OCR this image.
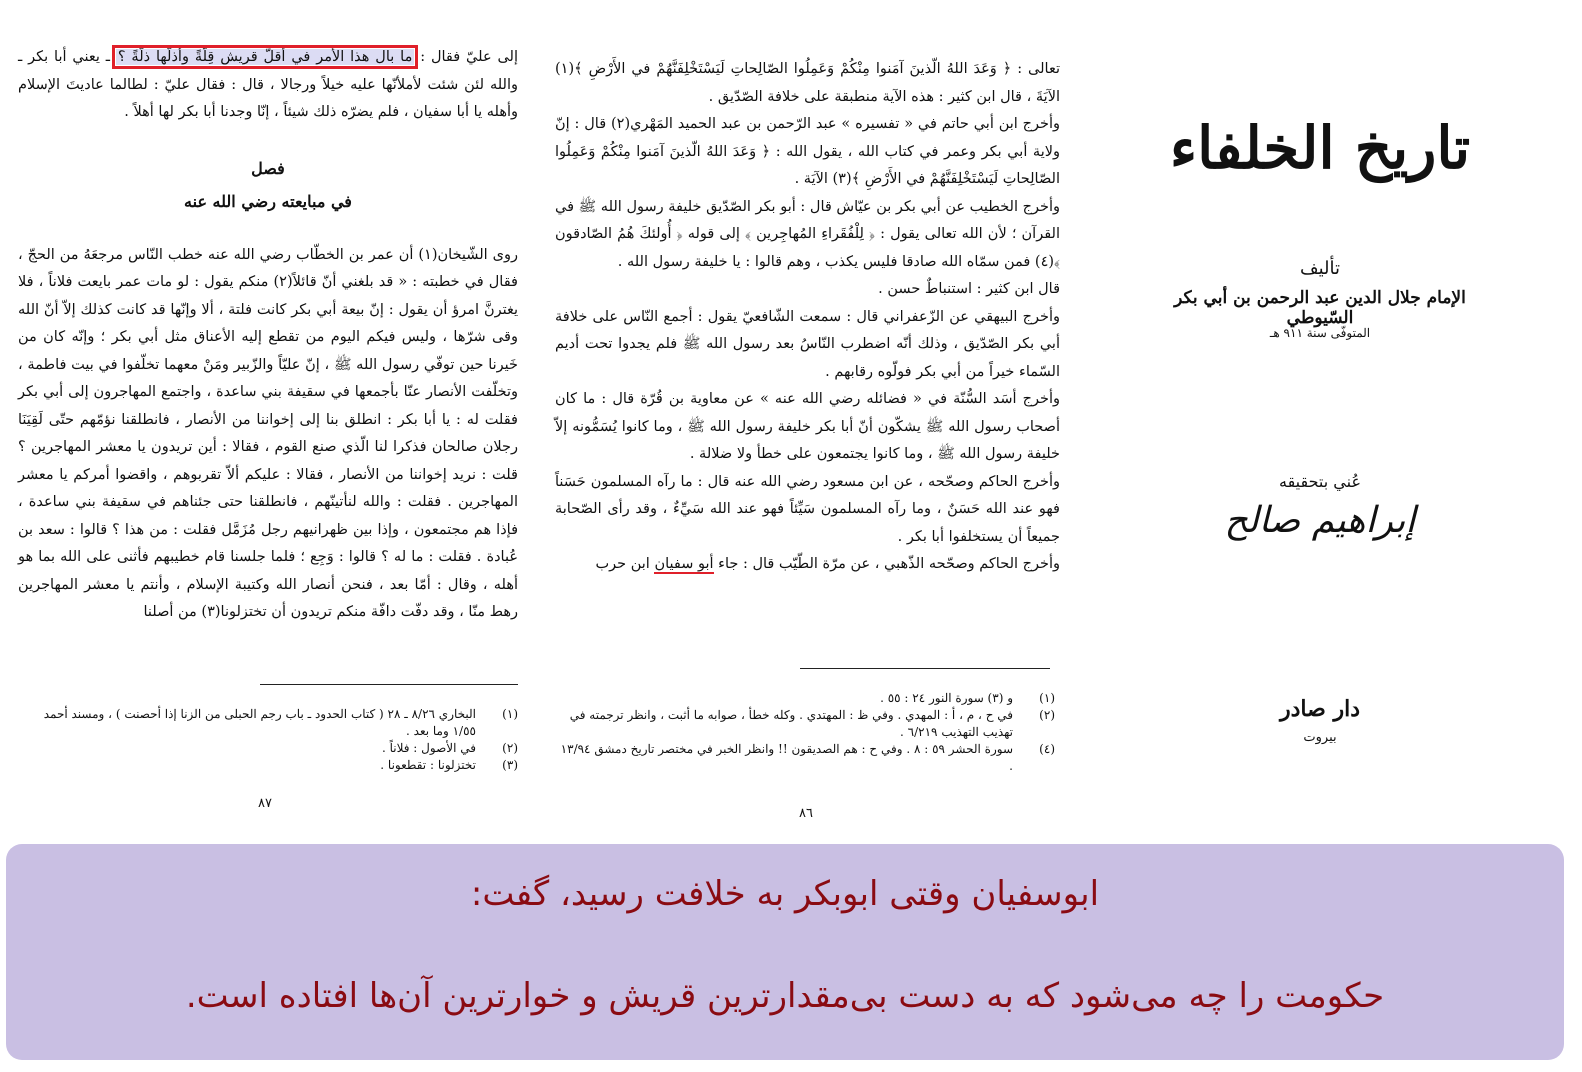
إلى عليّ فقال : ما بال هذا الأمر في أقلّ قريش قِلّةً وأذلّها ذلّةً ؟ ـ يعني أبا بكر ـ والله لئن شئت لأملأنّها عليه خيلاً ورجالا ، قال : فقال عليّ : لطالما عاديتَ الإسلام وأهله يا أبا سفيان ، فلم يضرّه ذلك شيئاً ، إنّا وجدنا أبا بكر لها أهلاً .

فصل
في مبايعته رضي الله عنه

روى الشّيخان(١) أن عمر بن الخطّاب رضي الله عنه خطب النّاس مرجعَهُ من الحجّ ، فقال في خطبته : « قد بلغني أنّ قائلاً(٢) منكم يقول : لو مات عمر بايعت فلاناً ، فلا يغترنَّ امرؤ أن يقول : إنّ بيعة أبي بكر كانت فلتة ، ألا وإنّها قد كانت كذلك إلاّ أنّ الله وقى شرّها ، وليس فيكم اليوم من تقطع إليه الأعناق مثل أبي بكر ؛ وإنّه كان من خَيرنا حين توفّي رسول الله ﷺ ، إنّ عليّاً والزّبير ومَنْ معهما تخلّفوا في بيت فاطمة ، وتخلّفت الأنصار عنّا بأجمعها في سقيفة بني ساعدة ، واجتمع المهاجرون إلى أبي بكر فقلت له : يا أبا بكر : انطلق بنا إلى إخواننا من الأنصار ، فانطلقنا نؤمّهم حتّى لَقِيَنَا رجلان صالحان فذكرا لنا الّذي صنع القوم ، فقالا : أين تريدون يا معشر المهاجرين ؟ قلت : نريد إخواننا من الأنصار ، فقالا : عليكم ألاّ تقربوهم ، واقضوا أمركم يا معشر المهاجرين . فقلت : والله لنأتينّهم ، فانطلقنا حتى جئناهم في سقيفة بني ساعدة ، فإذا هم مجتمعون ، وإذا بين ظهرانيهم رجل مُزَمَّل فقلت : من هذا ؟ قالوا : سعد بن عُبادة . فقلت : ما له ؟ قالوا : وَجِع ؛ فلما جلسنا قام خطيبهم فأثنى على الله بما هو أهله ، وقال : أمّا بعد ، فنحن أنصار الله وكتيبة الإسلام ، وأنتم يا معشر المهاجرين رهط منّا ، وقد دفّت دافّة منكم تريدون أن تختزلونا(٣) من أصلنا

(١)
البخاري ٨/٢٦ ـ ٢٨ ( كتاب الحدود ـ باب رجم الحبلى من الزنا إذا أحصنت ) ، ومسند أحمد ١/٥٥ وما بعد .
(٢)
في الأصول : فلاناً .
(٣)
تختزلونا : تقطعونا .
٨٧

تعالى : ﴿ وَعَدَ اللهُ الّذينَ آمَنوا مِنْكُمْ وَعَمِلُوا الصّالِحاتِ لَيَسْتَخْلِفَنَّهُمْ في الأَرْضِ ﴾(١) الآيَةَ ، قال ابن كثير : هذه الآية منطبقة على خلافة الصّدّيق .

وأخرج ابن أبي حاتم في « تفسيره » عبد الرّحمن بن عبد الحميد المَهْري(٢) قال : إنّ ولاية أبي بكر وعمر في كتاب الله ، يقول الله : ﴿ وَعَدَ اللهُ الّذينَ آمَنوا مِنْكُمْ وَعَمِلُوا الصّالِحاتِ لَيَسْتَخْلِفَنَّهُمْ في الأَرْضِ ﴾(٣) الآيَة .

وأخرج الخطيب عن أبي بكر بن عيّاش قال : أبو بكر الصّدّيق خليفة رسول الله ﷺ في القرآن ؛ لأن الله تعالى يقول : ﴿ لِلْفُقَراءِ المُهاجِرين ﴾ إلى قوله ﴿ أُولئكَ هُمُ الصّادقون ﴾(٤) فمن سمّاه الله صادقا فليس يكذب ، وهم قالوا : يا خليفة رسول الله .

قال ابن كثير : استنباطٌ حسن .

وأخرج البيهقي عن الزّعفراني قال : سمعت الشّافعيّ يقول : أجمع النّاس على خلافة أبي بكر الصّدّيق ، وذلك أنّه اضطرب النّاسُ بعد رسول الله ﷺ فلم يجدوا تحت أديم السّماء خيراً من أبي بكر فولّوه رقابهم .

وأخرج أسَد السُّنّة في « فضائله رضي الله عنه » عن معاوية بن قُرّة قال : ما كان أصحاب رسول الله ﷺ يشكّون أنّ أبا بكر خليفة رسول الله ﷺ ، وما كانوا يُسَمُّونه إلاّ خليفة رسول الله ﷺ ، وما كانوا يجتمعون على خطأ ولا ضلالة .

وأخرج الحاكم وصحّحه ، عن ابن مسعود رضي الله عنه قال : ما رآه المسلمون حَسَناً فهو عند الله حَسَنٌ ، وما رآه المسلمون سَيِّئاً فهو عند الله سَيِّءٌ ، وقد رأى الصّحابة جميعاً أن يستخلفوا أبا بكر .

وأخرج الحاكم وصحّحه الذّهبي ، عن مرّة الطّيّب قال : جاء أبو سفيان ابن حرب

(١)
و (٣) سورة النور ٢٤ : ٥٥ .
(٢)
في ح ، م ، أ : المهدي . وفي ظ : المهتدي . وكله خطأ ، صوابه ما أثبت ، وانظر ترجمته في تهذيب التهذيب ٦/٢١٩ .
(٤)
سورة الحشر ٥٩ : ٨ . وفي ح : هم الصديقون !! وانظر الخبر في مختصر تاريخ دمشق ١٣/٩٤ .
٨٦
تاريخ الخلفاء
تأليف
الإمام جلال الدين عبد الرحمن بن أبي بكر السّيوطي
المتوفّى سنة ٩١١ هـ
عُني بتحقيقه
إبراهيم صالح
دار صادر
بيروت
ابوسفیان وقتی ابوبکر به خلافت رسید، گفت:
حکومت را چه می‌شود که به دست بی‌مقدارترین قریش و خوارترین آن‌ها افتاده است.
